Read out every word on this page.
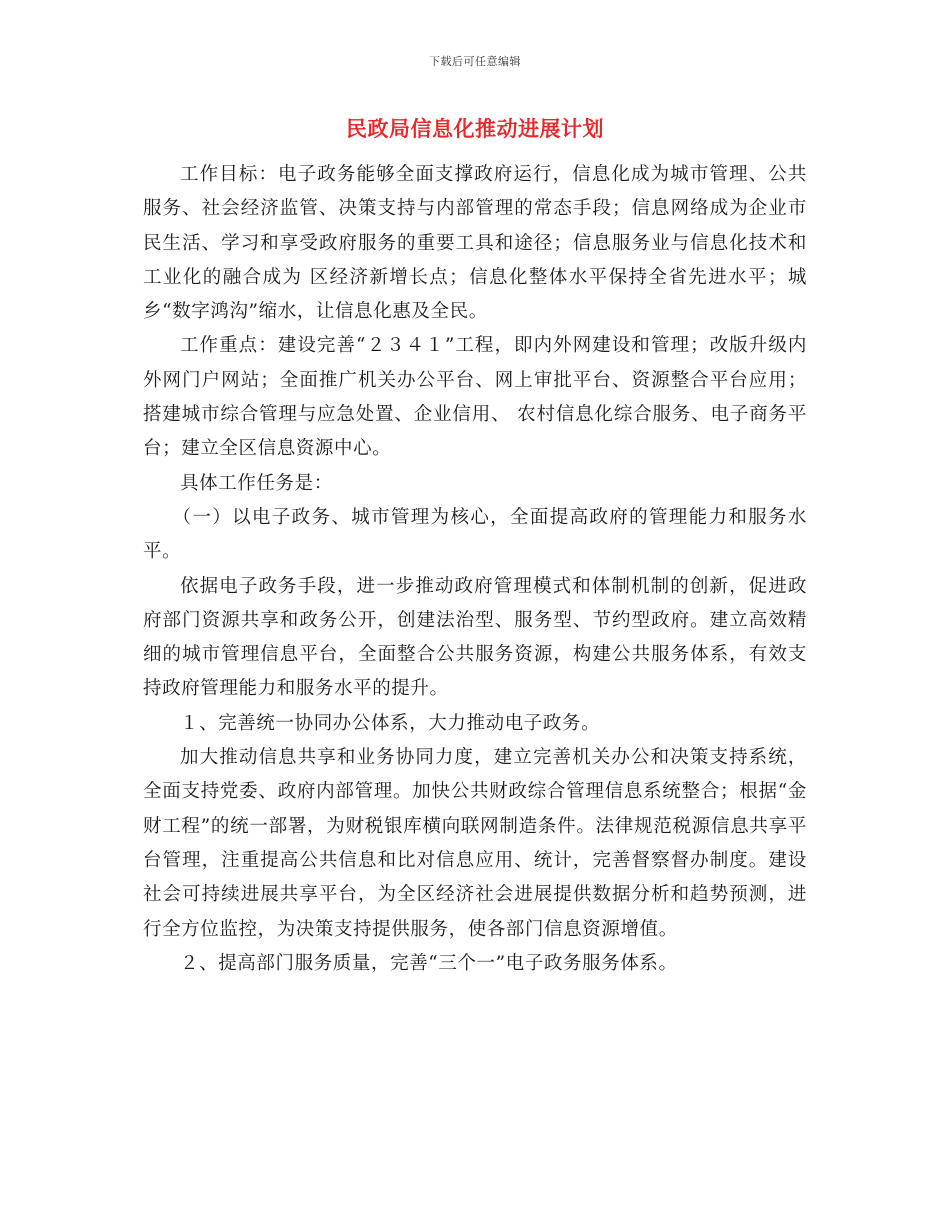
下载后可任意编辑
民政局信息化推动进展计划

工作目标：电子政务能够全面支撑政府运行，信息化成为城市管理、公共服务、社会经济监管、决策支持与内部管理的常态手段；信息网络成为企业市民生活、学习和享受政府服务的重要工具和途径；信息服务业与信息化技术和工业化的融合成为 区经济新增长点；信息化整体水平保持全省先进水平；城乡“数字鸿沟”缩水，让信息化惠及全民。

工作重点：建设完善“２３４１”工程，即内外网建设和管理；改版升级内外网门户网站；全面推广机关办公平台、网上审批平台、资源整合平台应用；搭建城市综合管理与应急处置、企业信用、 农村信息化综合服务、电子商务平台；建立全区信息资源中心。

具体工作任务是：

（一）以电子政务、城市管理为核心，全面提高政府的管理能力和服务水平。

依据电子政务手段，进一步推动政府管理模式和体制机制的创新，促进政府部门资源共享和政务公开，创建法治型、服务型、节约型政府。建立高效精细的城市管理信息平台，全面整合公共服务资源，构建公共服务体系，有效支持政府管理能力和服务水平的提升。

１、完善统一协同办公体系，大力推动电子政务。

加大推动信息共享和业务协同力度，建立完善机关办公和决策支持系统，全面支持党委、政府内部管理。加快公共财政综合管理信息系统整合；根据“金财工程”的统一部署，为财税银库横向联网制造条件。法律规范税源信息共享平台管理，注重提高公共信息和比对信息应用、统计，完善督察督办制度。建设社会可持续进展共享平台，为全区经济社会进展提供数据分析和趋势预测，进行全方位监控，为决策支持提供服务，使各部门信息资源增值。

２、提高部门服务质量，完善“三个一”电子政务服务体系。
